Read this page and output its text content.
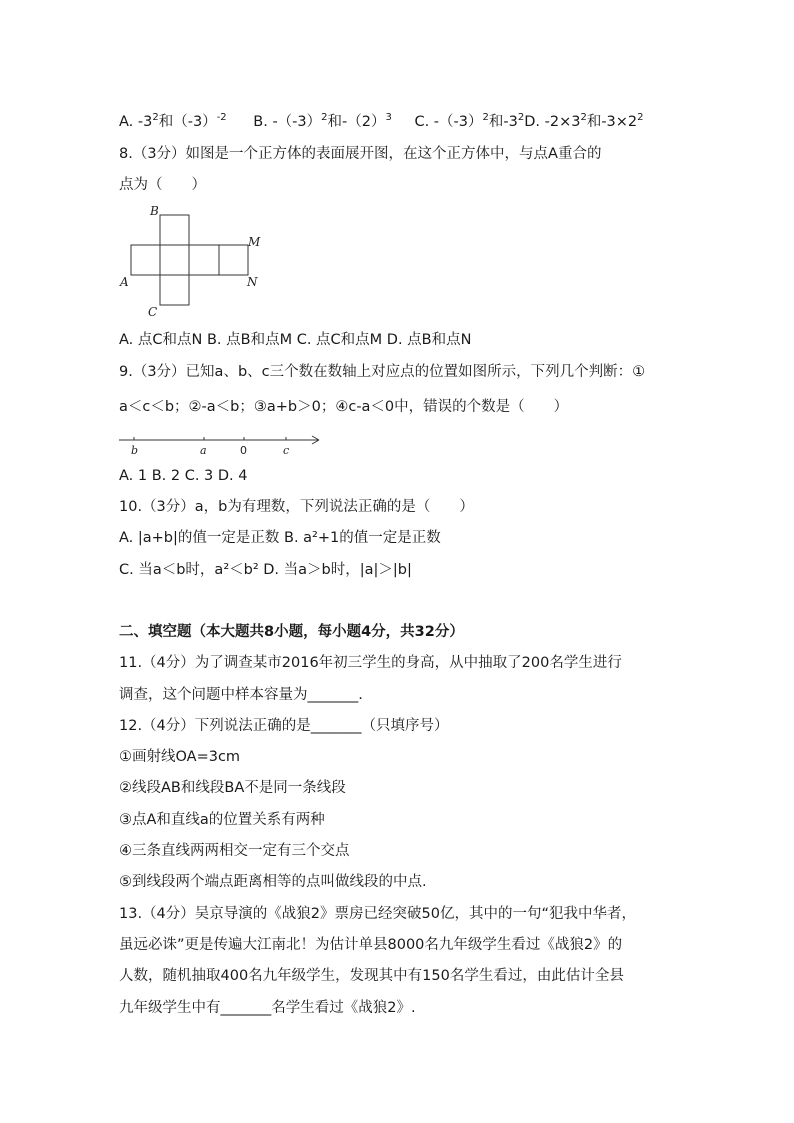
A. $-3^2$和$(-3)^{-2}$ B. $-(-3)^2$和$-(2)^3$ C. $-(-3)^2$和$-3^2D$. $-2\times 3^2$和$-3\times 2^2$
8.（3分）如图是一个正方体的表面展开图，在这个正方体中，与点A重合的
点为（　　）
B
A
C
M
N
A. 点C和点N B. 点B和点M C. 点C和点M D. 点B和点N
9.（3分）已知a、b、c三个数在数轴上对应点的位置如图所示，下列几个判断：①
a＜c＜b；②-a＜b；③a+b＞0；④c-a＜0中，错误的个数是（　　）
b	a	0	c
A. 1 B. 2 C. 3 D. 4
10.（3分）a，b为有理数，下列说法正确的是（　　）
A. |a+b|的值一定是正数 B. a²+1的值一定是正数
C. 当a＜b时，a²＜b² D. 当a＞b时，|a|＞|b|
二、填空题（本大题共8小题，每小题4分，共32分）
11.（4分）为了调查某市2016年初三学生的身高，从中抽取了200名学生进行
调查，这个问题中样本容量为_______.
12.（4分）下列说法正确的是_______（只填序号）
①画射线OA=3cm
②线段AB和线段BA不是同一条线段
③点A和直线a的位置关系有两种
④三条直线两两相交一定有三个交点
⑤到线段两个端点距离相等的点叫做线段的中点.
13.（4分）吴京导演的《战狼2》票房已经突破50亿，其中的一句“犯我中华者，
虽远必诛”更是传遍大江南北！为估计单县8000名九年级学生看过《战狼2》的
人数，随机抽取400名九年级学生，发现其中有150名学生看过，由此估计全县
九年级学生中有_______名学生看过《战狼2》.
